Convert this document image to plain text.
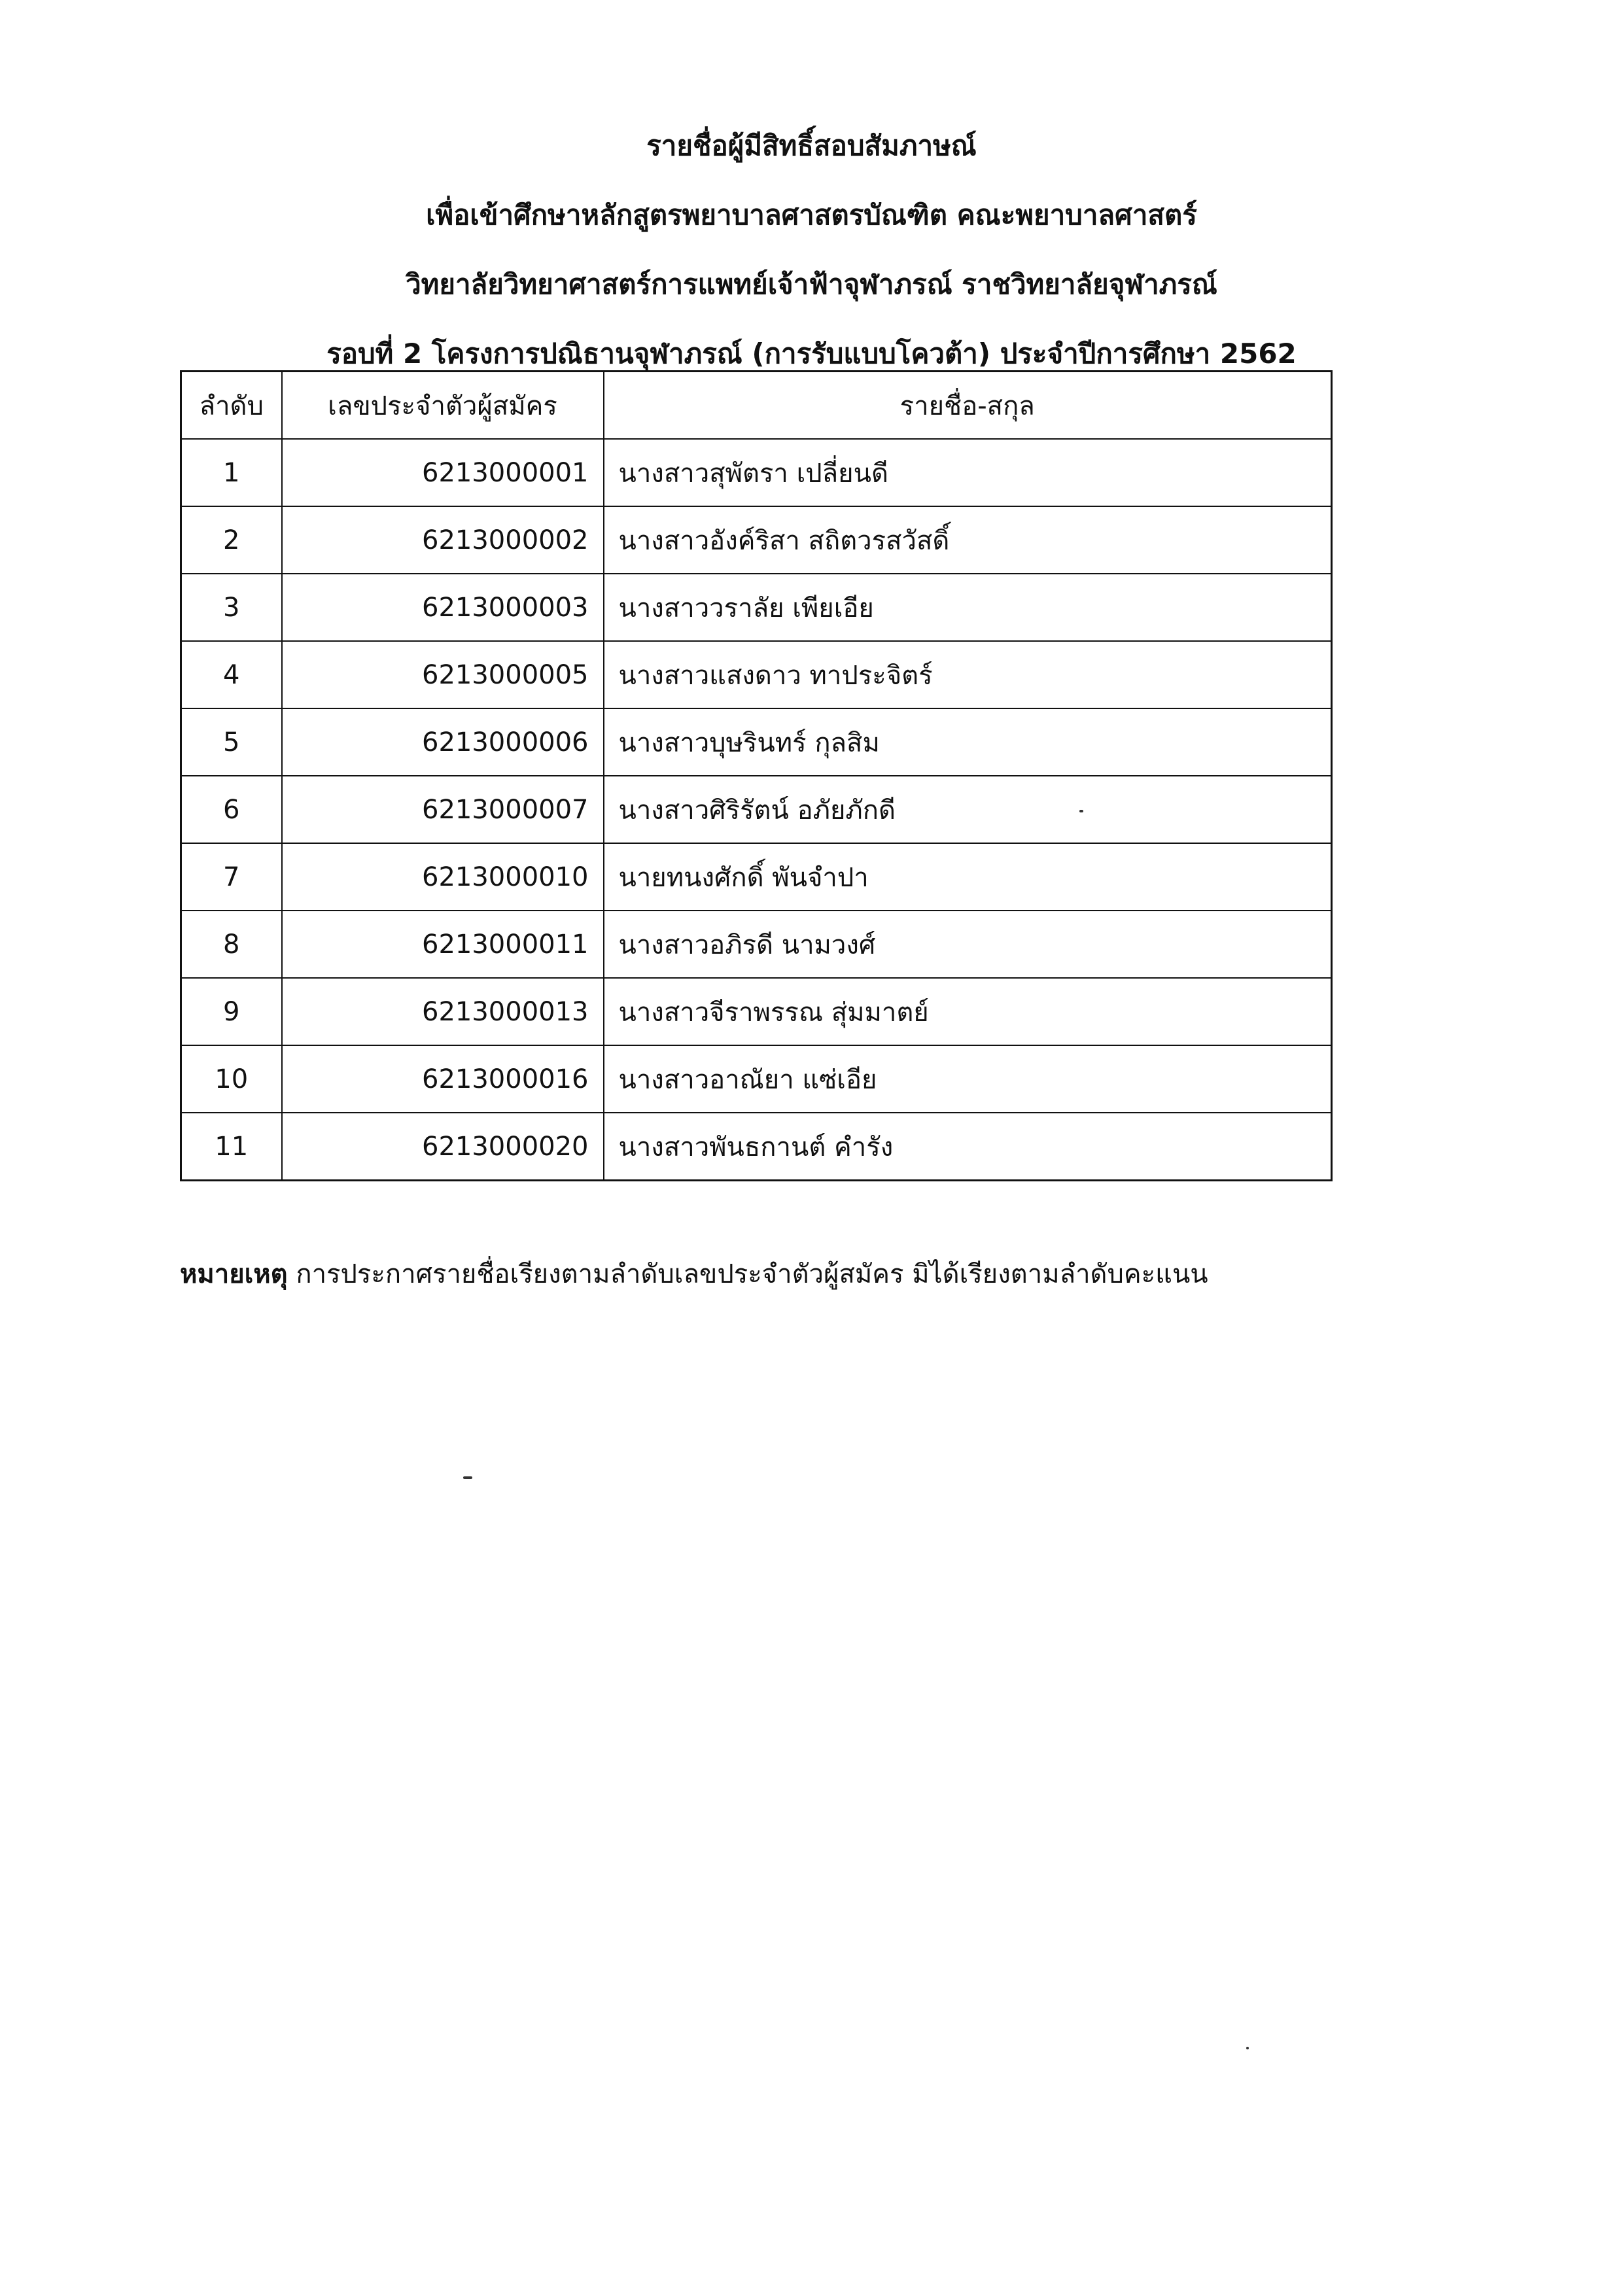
รายชื่อผู้มีสิทธิ์สอบสัมภาษณ์
เพื่อเข้าศึกษาหลักสูตรพยาบาลศาสตรบัณฑิต คณะพยาบาลศาสตร์
วิทยาลัยวิทยาศาสตร์การแพทย์เจ้าฟ้าจุฬาภรณ์ ราชวิทยาลัยจุฬาภรณ์
รอบที่ 2 โครงการปณิธานจุฬาภรณ์ (การรับแบบโควต้า) ประจำปีการศึกษา 2562
ลำดับ	เลขประจำตัวผู้สมัคร	รายชื่อ-สกุล
1	6213000001	นางสาวสุพัตรา เปลี่ยนดี
2	6213000002	นางสาวอังค์ริสา สถิตวรสวัสดิ์
3	6213000003	นางสาววราลัย เพียเอีย
4	6213000005	นางสาวแสงดาว ทาประจิตร์
5	6213000006	นางสาวบุษรินทร์ กุลสิม
6	6213000007	นางสาวศิริรัตน์ อภัยภักดี
7	6213000010	นายทนงศักดิ์ พันจำปา
8	6213000011	นางสาวอภิรดี นามวงศ์
9	6213000013	นางสาวจีราพรรณ สุ่มมาตย์
10	6213000016	นางสาวอาณัยา แซ่เอีย
11	6213000020	นางสาวพันธกานต์ คำรัง
หมายเหตุ การประกาศรายชื่อเรียงตามลำดับเลขประจำตัวผู้สมัคร มิได้เรียงตามลำดับคะแนน
